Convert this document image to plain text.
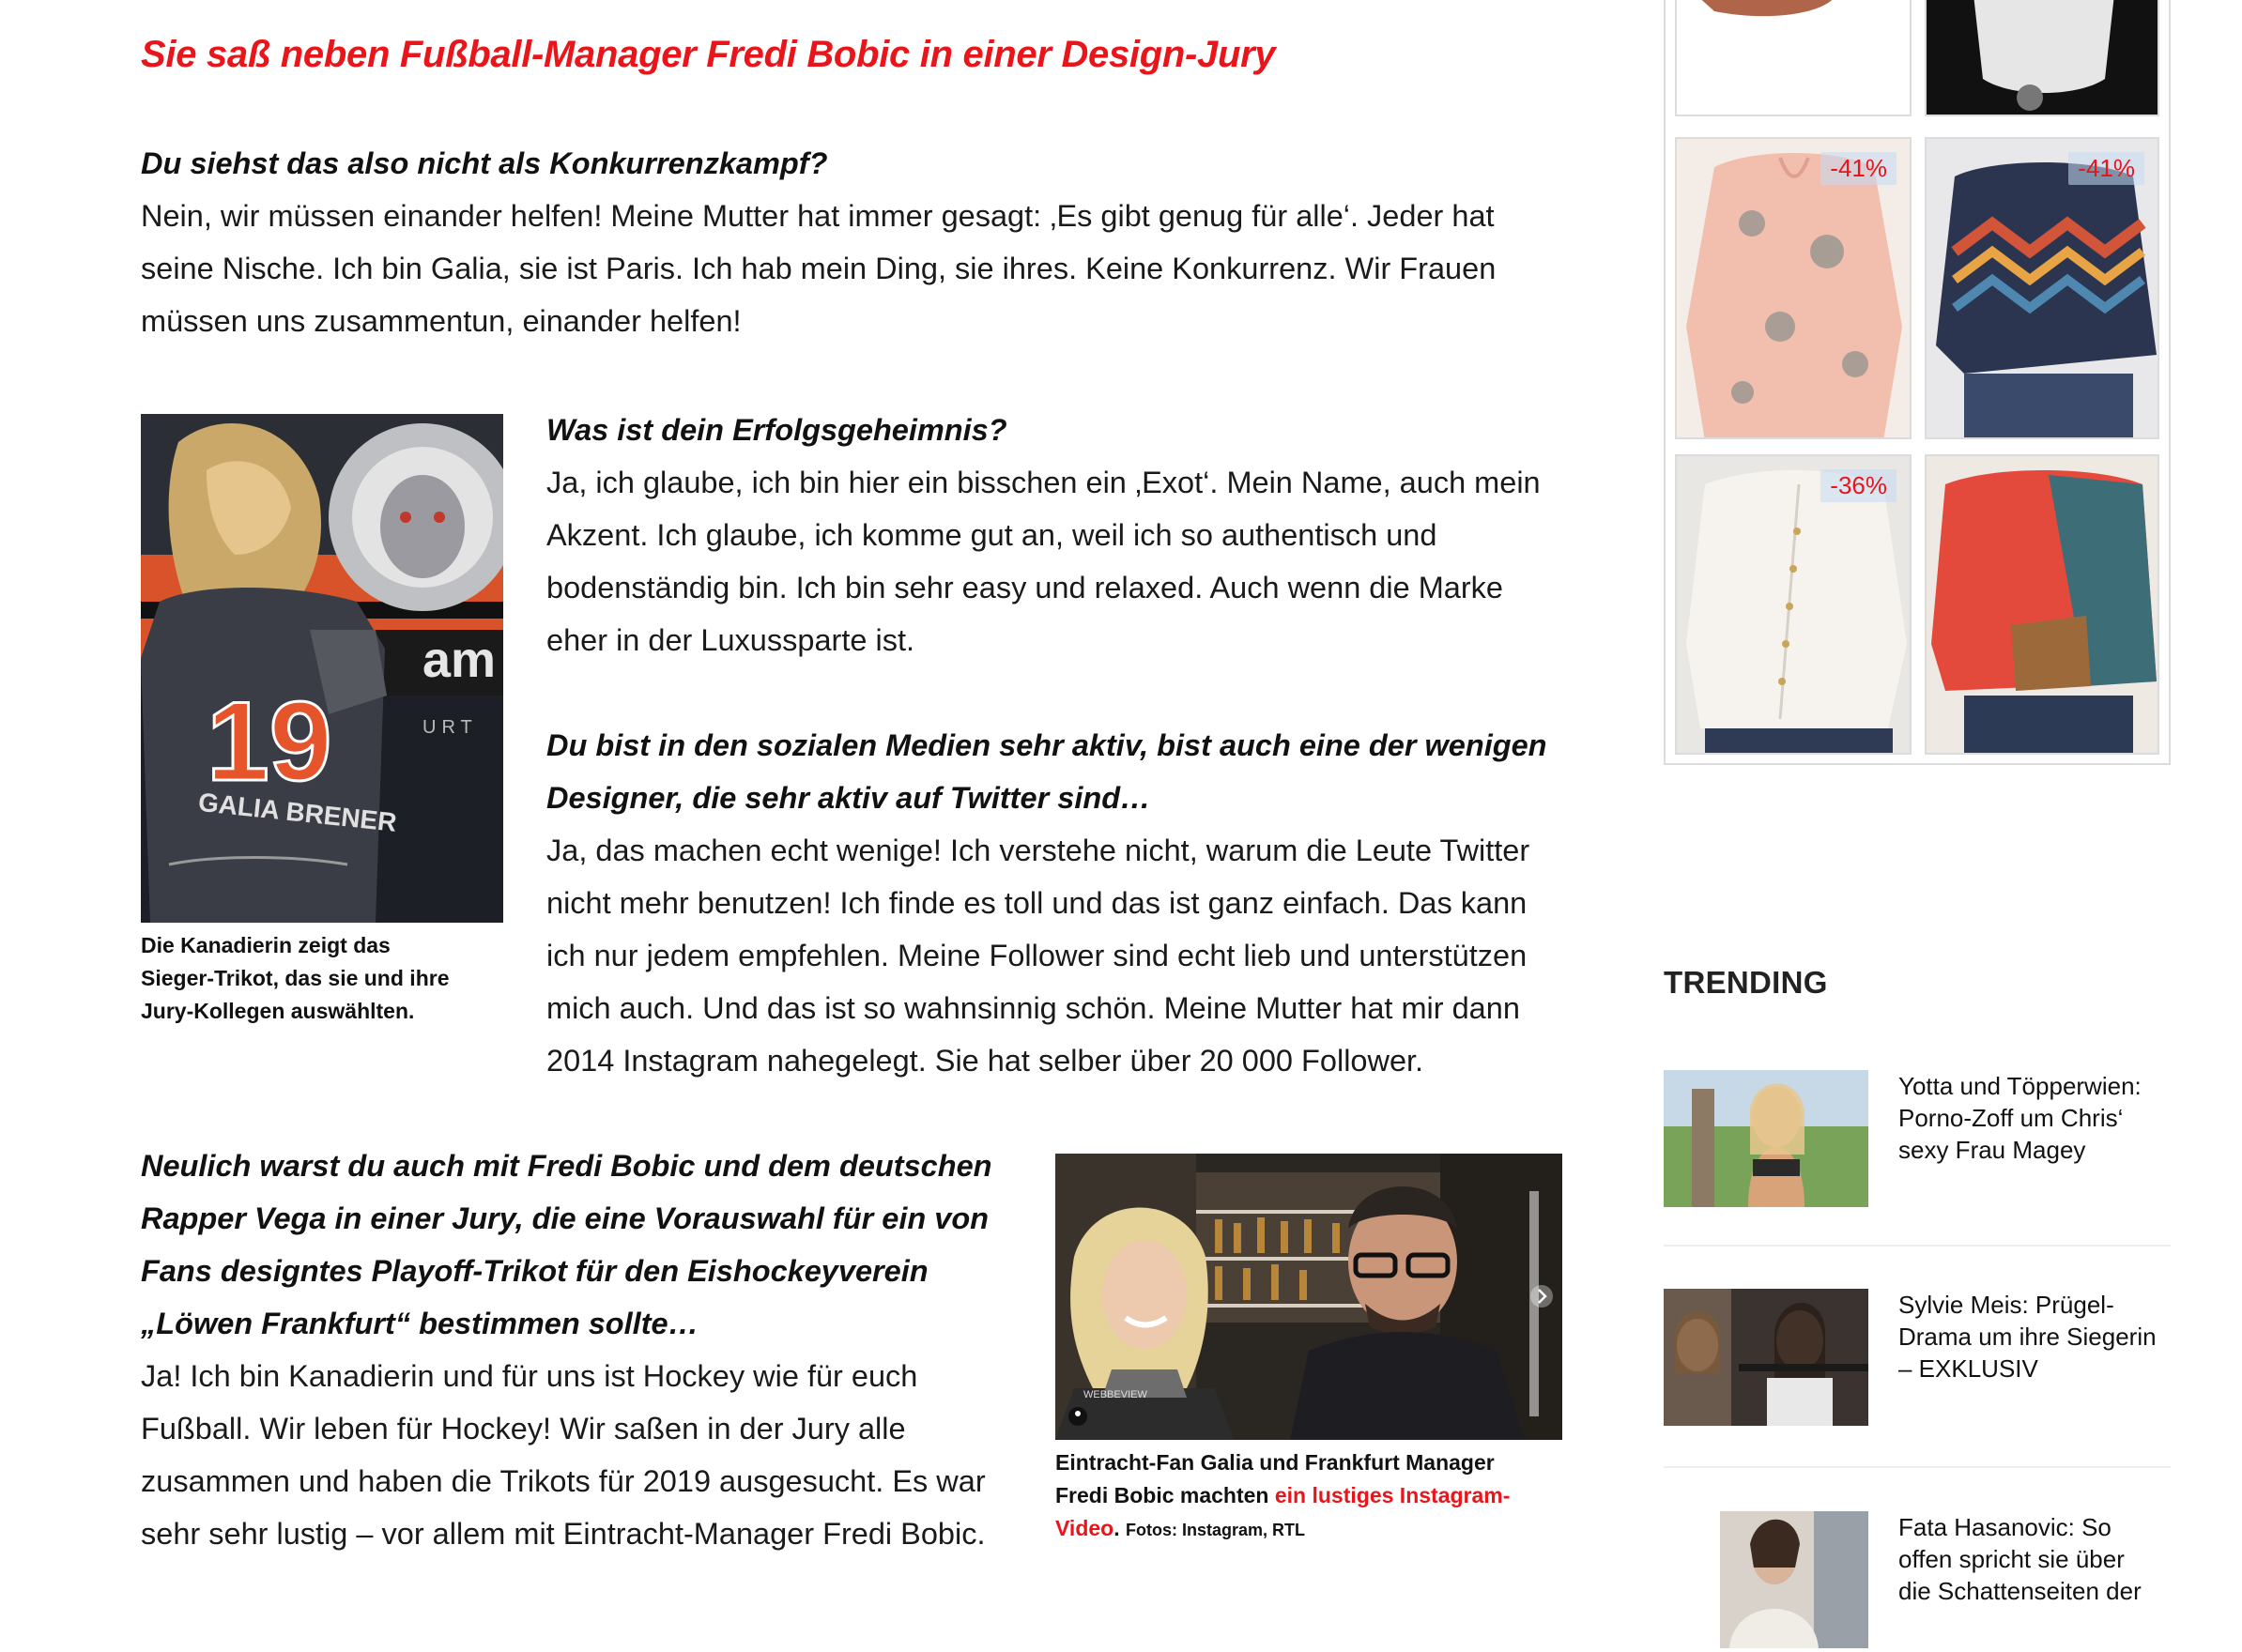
Sie saß neben Fußball-Manager Fredi Bobic in einer Design-Jury

Du siehst das also nicht als Konkurrenzkampf?

Nein, wir müssen einander helfen! Meine Mutter hat immer gesagt: ‚Es gibt genug für alle‘. Jeder hat

seine Nische. Ich bin Galia, sie ist Paris. Ich hab mein Ding, sie ihres. Keine Konkurrenz. Wir Frauen

müssen uns zusammentun, einander helfen!

am
URT
19
GALIA BRENER

Die Kanadierin zeigt das

Sieger-Trikot, das sie und ihre

Jury-Kollegen auswählten.

Was ist dein Erfolgsgeheimnis?

Ja, ich glaube, ich bin hier ein bisschen ein ‚Exot‘. Mein Name, auch mein

Akzent. Ich glaube, ich komme gut an, weil ich so authentisch und

bodenständig bin. Ich bin sehr easy und relaxed. Auch wenn die Marke

eher in der Luxussparte ist.

Du bist in den sozialen Medien sehr aktiv, bist auch eine der wenigen

Designer, die sehr aktiv auf Twitter sind…

Ja, das machen echt wenige! Ich verstehe nicht, warum die Leute Twitter

nicht mehr benutzen! Ich finde es toll und das ist ganz einfach. Das kann

ich nur jedem empfehlen. Meine Follower sind echt lieb und unterstützen

mich auch. Und das ist so wahnsinnig schön. Meine Mutter hat mir dann

2014 Instagram nahegelegt. Sie hat selber über 20 000 Follower.

Neulich warst du auch mit Fredi Bobic und dem deutschen

Rapper Vega in einer Jury, die eine Vorauswahl für ein von

Fans designtes Playoff-Trikot für den Eishockeyverein

„Löwen Frankfurt“ bestimmen sollte…

Ja! Ich bin Kanadierin und für uns ist Hockey wie für euch

Fußball. Wir leben für Hockey! Wir saßen in der Jury alle

zusammen und haben die Trikots für 2019 ausgesucht. Es war

sehr sehr lustig – vor allem mit Eintracht-Manager Fredi Bobic.

WEBBEVIEW

Eintracht-Fan Galia und Frankfurt Manager

Fredi Bobic machten ein lustiges Instagram-

Video. Fotos: Instagram, RTL

-41%	-41%
-36%
TRENDING
Yotta und Töpperwien:
Porno-Zoff um Chris‘
sexy Frau Magey
Sylvie Meis: Prügel-
Drama um ihre Siegerin
– EXKLUSIV
Fata Hasanovic: So
offen spricht sie über
die Schattenseiten der
